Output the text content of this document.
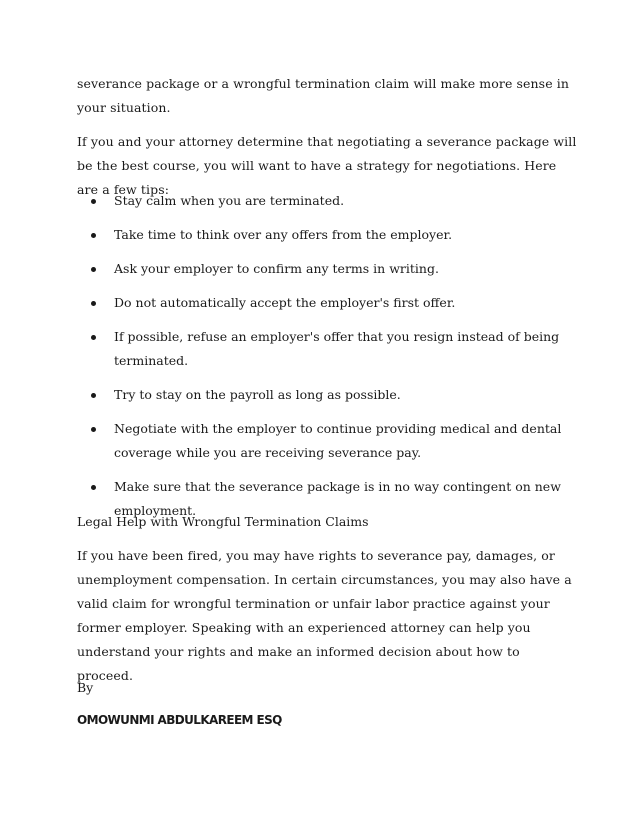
severance package or a wrongful termination claim will make more sense in your situation.

If you and your attorney determine that negotiating a severance package will be the best course, you will want to have a strategy for negotiations. Here are a few tips:

Stay calm when you are terminated.
Take time to think over any offers from the employer.
Ask your employer to confirm any terms in writing.
Do not automatically accept the employer's first offer.
If possible, refuse an employer's offer that you resign instead of being terminated.
Try to stay on the payroll as long as possible.
Negotiate with the employer to continue providing medical and dental coverage while you are receiving severance pay.
Make sure that the severance package is in no way contingent on new employment.

Legal Help with Wrongful Termination Claims

If you have been fired, you may have rights to severance pay, damages, or unemployment compensation. In certain circumstances, you may also have a valid claim for wrongful termination or unfair labor practice against your former employer. Speaking with an experienced attorney can help you understand your rights and make an informed decision about how to proceed.

By

OMOWUNMI ABDULKAREEM ESQ
